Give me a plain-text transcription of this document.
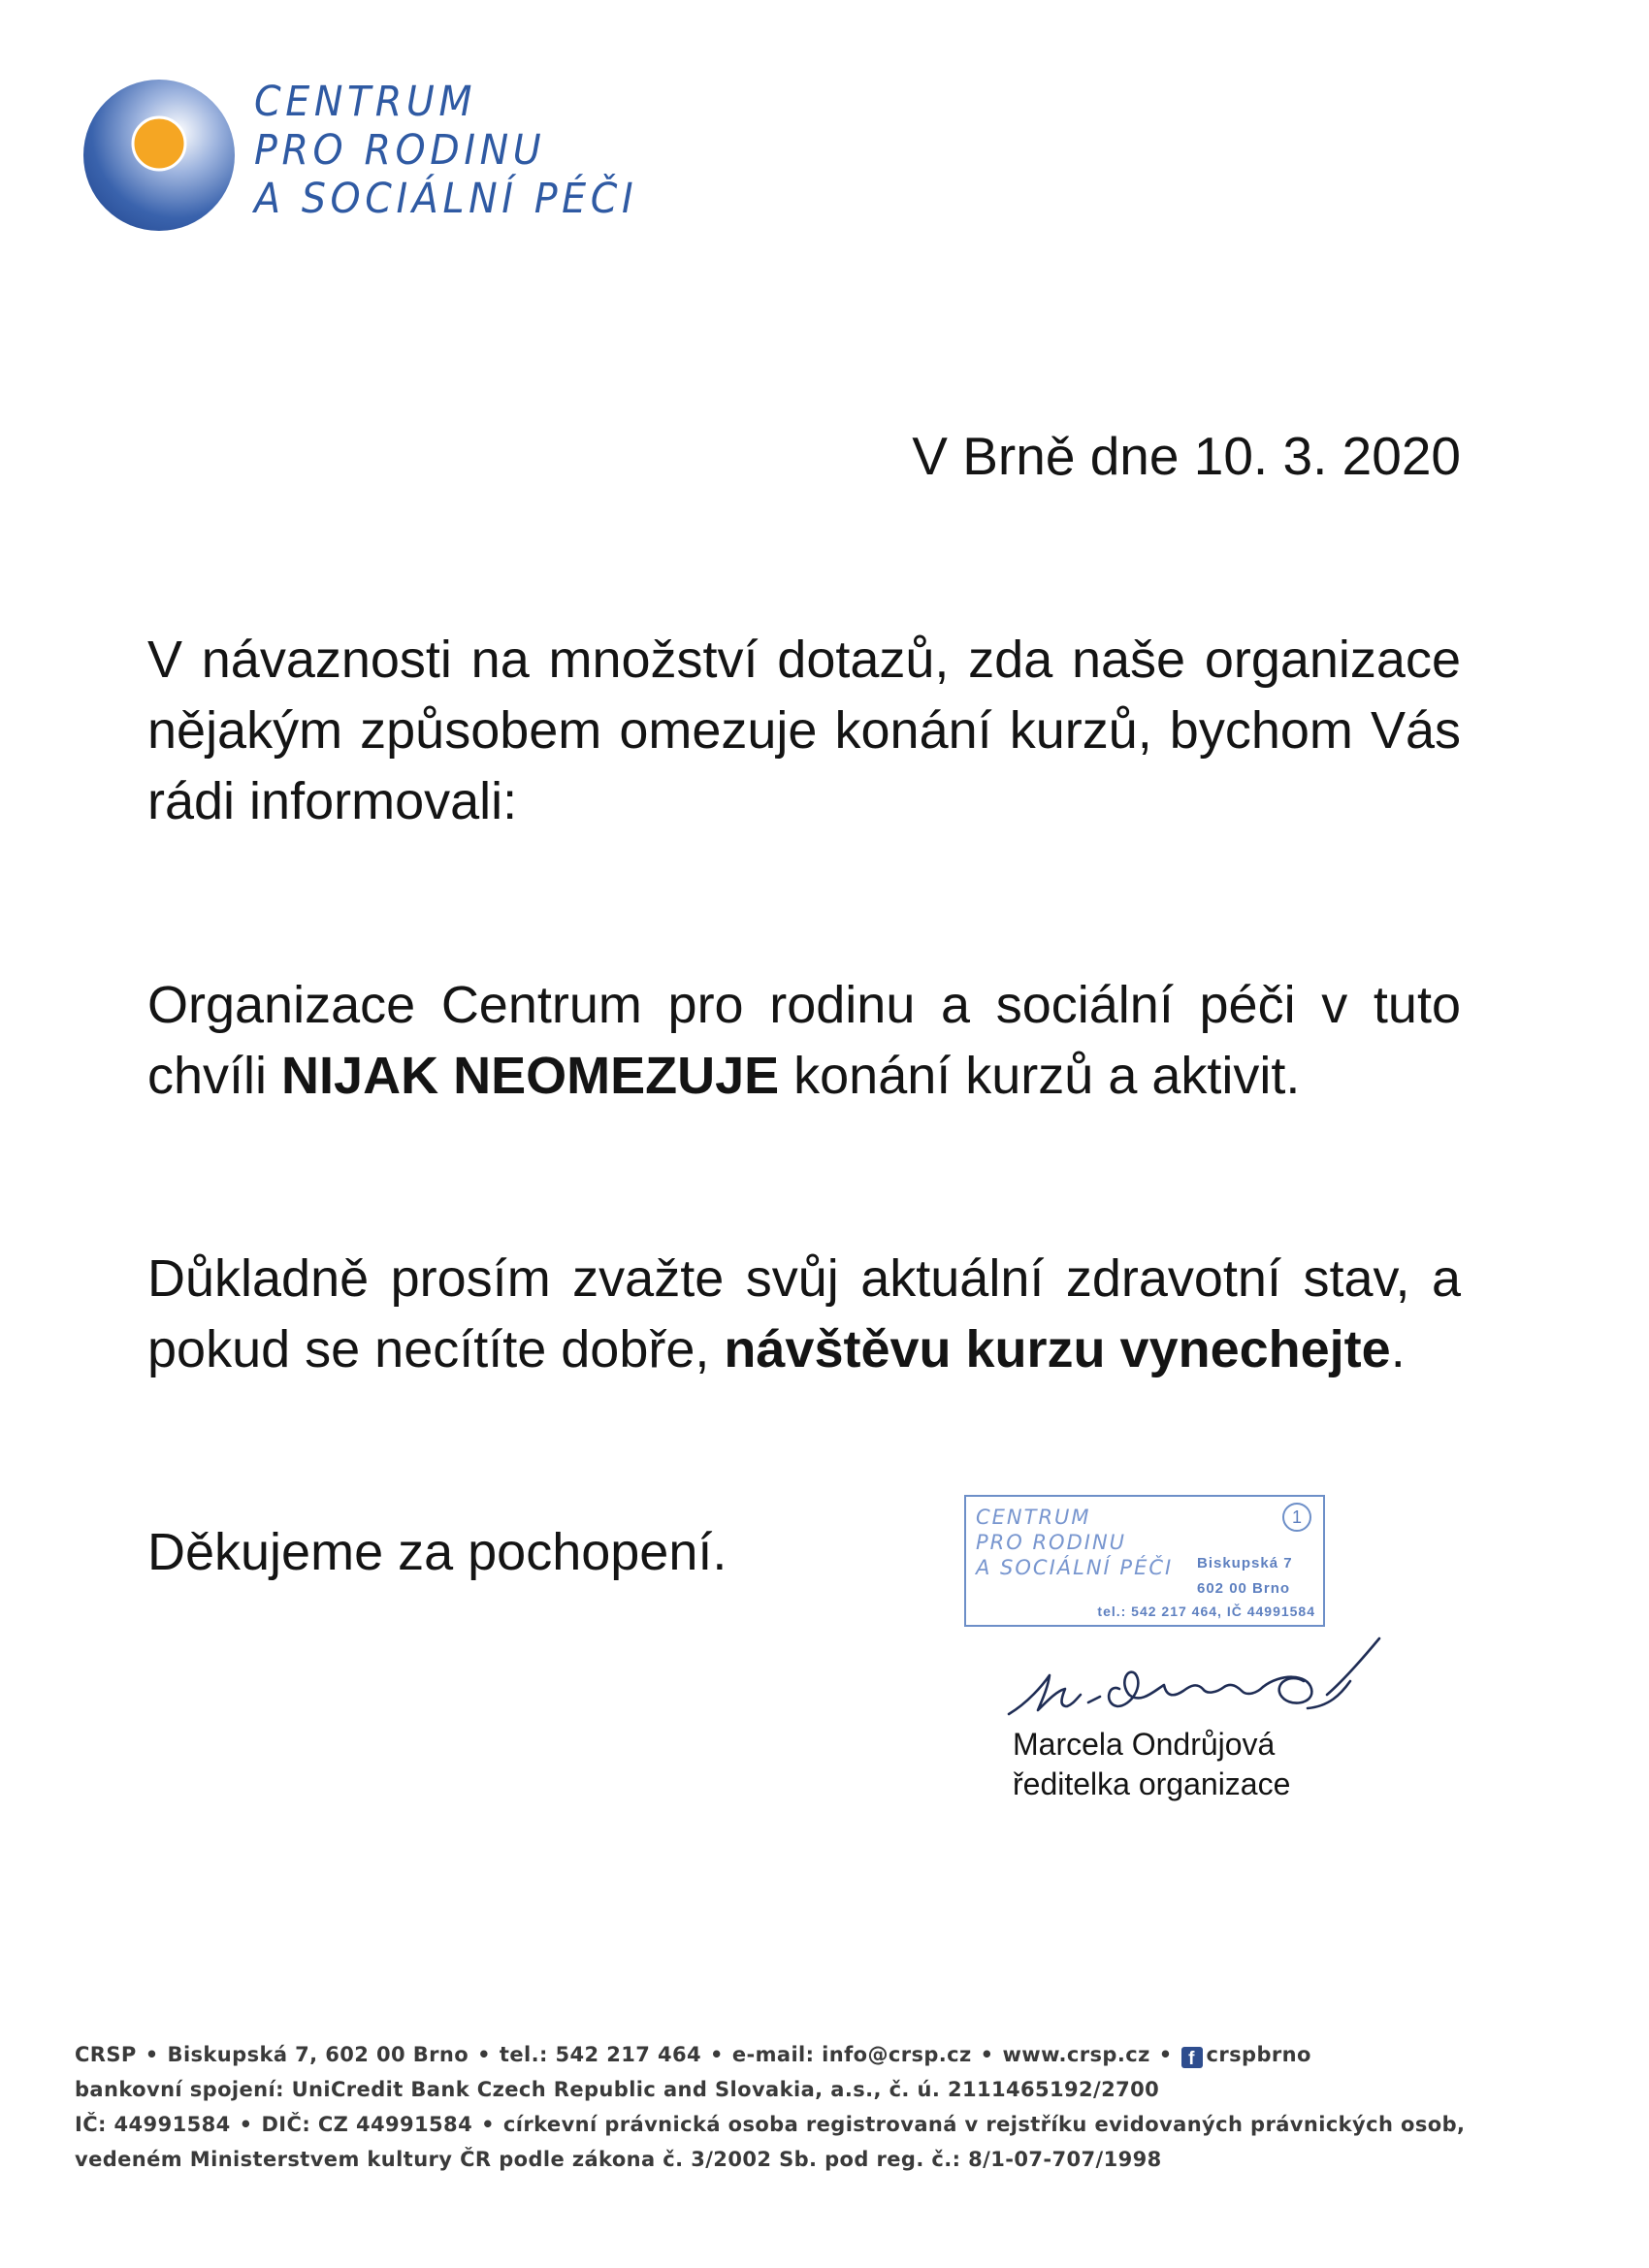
CENTRUM
PRO RODINU
A SOCIÁLNÍ PÉČI
V Brně dne 10. 3. 2020
V návaznosti na množství dotazů, zda naše organizace nějakým způsobem omezuje konání kurzů, bychom Vás rádi informovali:
Organizace Centrum pro rodinu a sociální péči v tuto chvíli NIJAK NEOMEZUJE konání kurzů a aktivit.
Důkladně prosím zvažte svůj aktuální zdravotní stav, a pokud se necítíte dobře, návštěvu kurzu vynechejte.
Děkujeme za pochopení.
CENTRUM
PRO RODINU
A SOCIÁLNÍ PÉČI
1
Biskupská 7
602 00 Brno
tel.: 542 217 464, IČ 44991584
Marcela Ondrůjová
ředitelka organizace
CRSP • Biskupská 7, 602 00 Brno • tel.: 542 217 464 • e-mail: info@crsp.cz • www.crsp.cz • f crspbrno
bankovní spojení: UniCredit Bank Czech Republic and Slovakia, a.s., č. ú. 2111465192/2700
IČ: 44991584 • DIČ: CZ 44991584 • církevní právnická osoba registrovaná v rejstříku evidovaných právnických osob,
vedeném Ministerstvem kultury ČR podle zákona č. 3/2002 Sb. pod reg. č.: 8/1-07-707/1998
